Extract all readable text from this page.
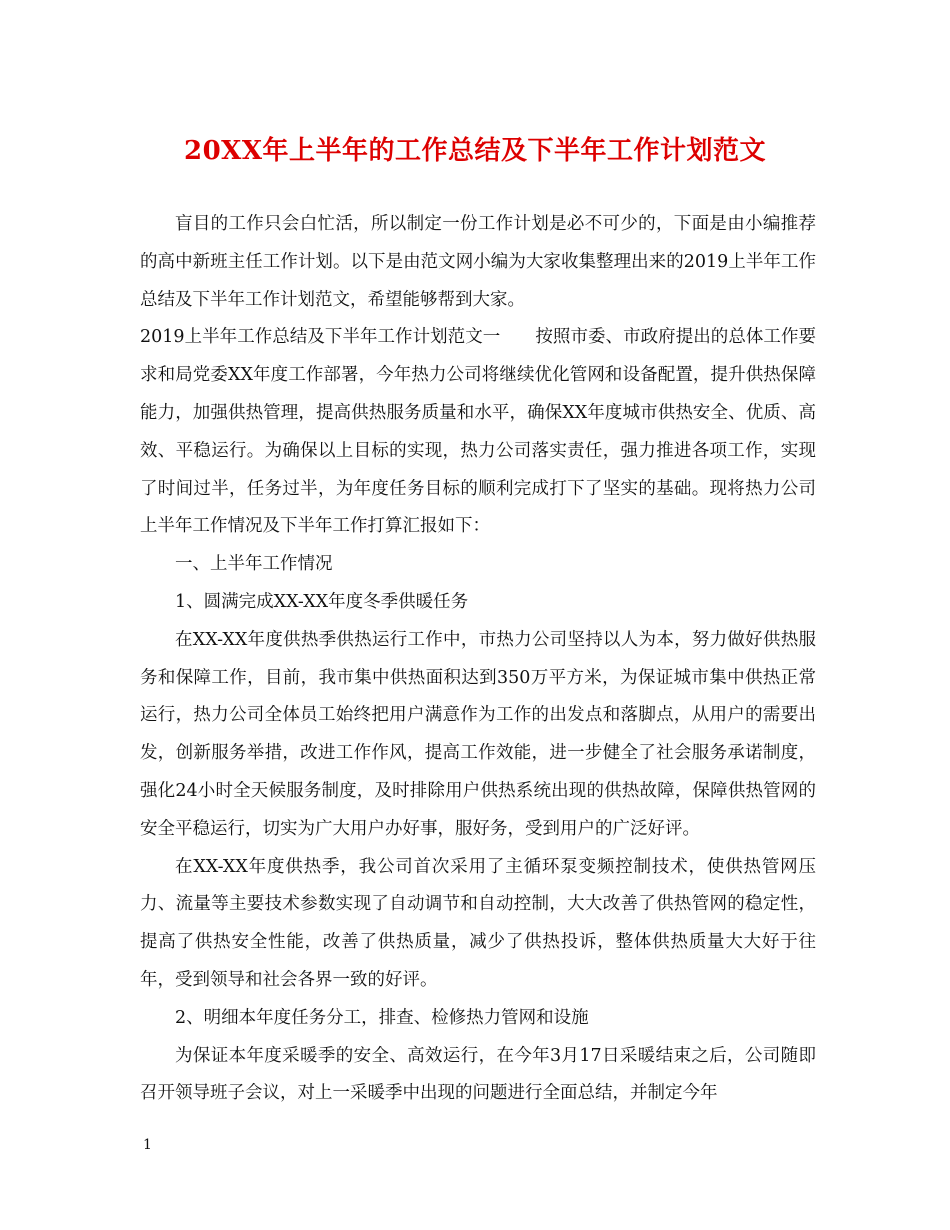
20XX年上半年的工作总结及下半年工作计划范文

盲目的工作只会白忙活，所以制定一份工作计划是必不可少的，下面是由小编推荐的高中新班主任工作计划。以下是由范文网小编为大家收集整理出来的2019上半年工作总结及下半年工作计划范文，希望能够帮到大家。

2019上半年工作总结及下半年工作计划范文一　　按照市委、市政府提出的总体工作要求和局党委XX年度工作部署，今年热力公司将继续优化管网和设备配置，提升供热保障能力，加强供热管理，提高供热服务质量和水平，确保XX年度城市供热安全、优质、高效、平稳运行。为确保以上目标的实现，热力公司落实责任，强力推进各项工作，实现了时间过半，任务过半，为年度任务目标的顺利完成打下了坚实的基础。现将热力公司上半年工作情况及下半年工作打算汇报如下：

一、上半年工作情况

1、圆满完成XX-XX年度冬季供暖任务

在XX-XX年度供热季供热运行工作中，市热力公司坚持以人为本，努力做好供热服务和保障工作，目前，我市集中供热面积达到350万平方米，为保证城市集中供热正常运行，热力公司全体员工始终把用户满意作为工作的出发点和落脚点，从用户的需要出发，创新服务举措，改进工作作风，提高工作效能，进一步健全了社会服务承诺制度，强化24小时全天候服务制度，及时排除用户供热系统出现的供热故障，保障供热管网的安全平稳运行，切实为广大用户办好事，服好务，受到用户的广泛好评。

在XX-XX年度供热季，我公司首次采用了主循环泵变频控制技术，使供热管网压力、流量等主要技术参数实现了自动调节和自动控制，大大改善了供热管网的稳定性，提高了供热安全性能，改善了供热质量，减少了供热投诉，整体供热质量大大好于往年，受到领导和社会各界一致的好评。

2、明细本年度任务分工，排查、检修热力管网和设施

为保证本年度采暖季的安全、高效运行，在今年3月17日采暖结束之后，公司随即召开领导班子会议，对上一采暖季中出现的问题进行全面总结，并制定今年

1
